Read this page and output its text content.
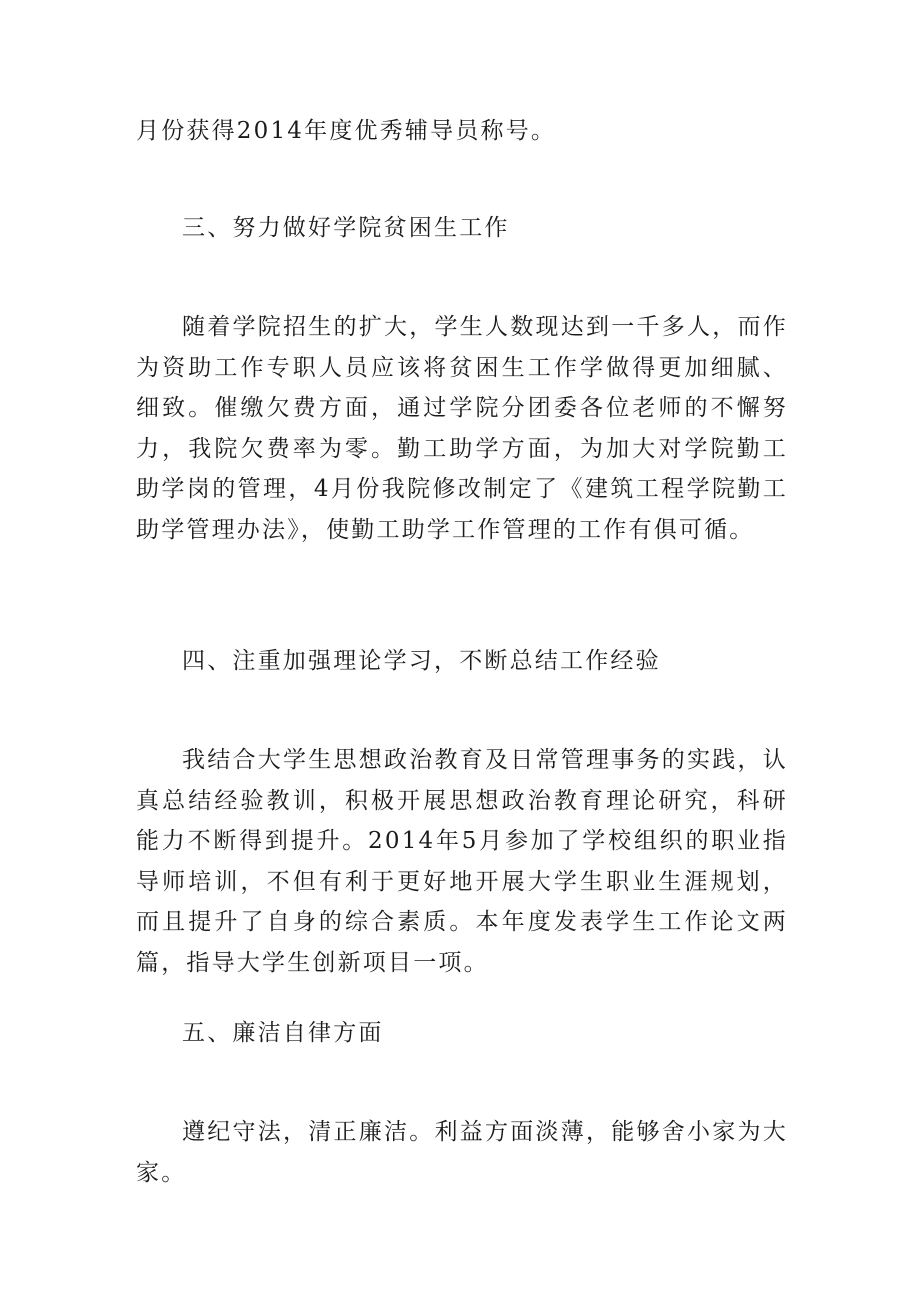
月份获得2014年度优秀辅导员称号。

三、努力做好学院贫困生工作

随着学院招生的扩大，学生人数现达到一千多人，而作为资助工作专职人员应该将贫困生工作学做得更加细腻、细致。催缴欠费方面，通过学院分团委各位老师的不懈努力，我院欠费率为零。勤工助学方面，为加大对学院勤工助学岗的管理，4月份我院修改制定了《建筑工程学院勤工助学管理办法》，使勤工助学工作管理的工作有俱可循。

四、注重加强理论学习，不断总结工作经验

我结合大学生思想政治教育及日常管理事务的实践，认真总结经验教训，积极开展思想政治教育理论研究，科研能力不断得到提升。2014年5月参加了学校组织的职业指导师培训，不但有利于更好地开展大学生职业生涯规划，而且提升了自身的综合素质。本年度发表学生工作论文两篇，指导大学生创新项目一项。

五、廉洁自律方面

遵纪守法，清正廉洁。利益方面淡薄，能够舍小家为大家。
